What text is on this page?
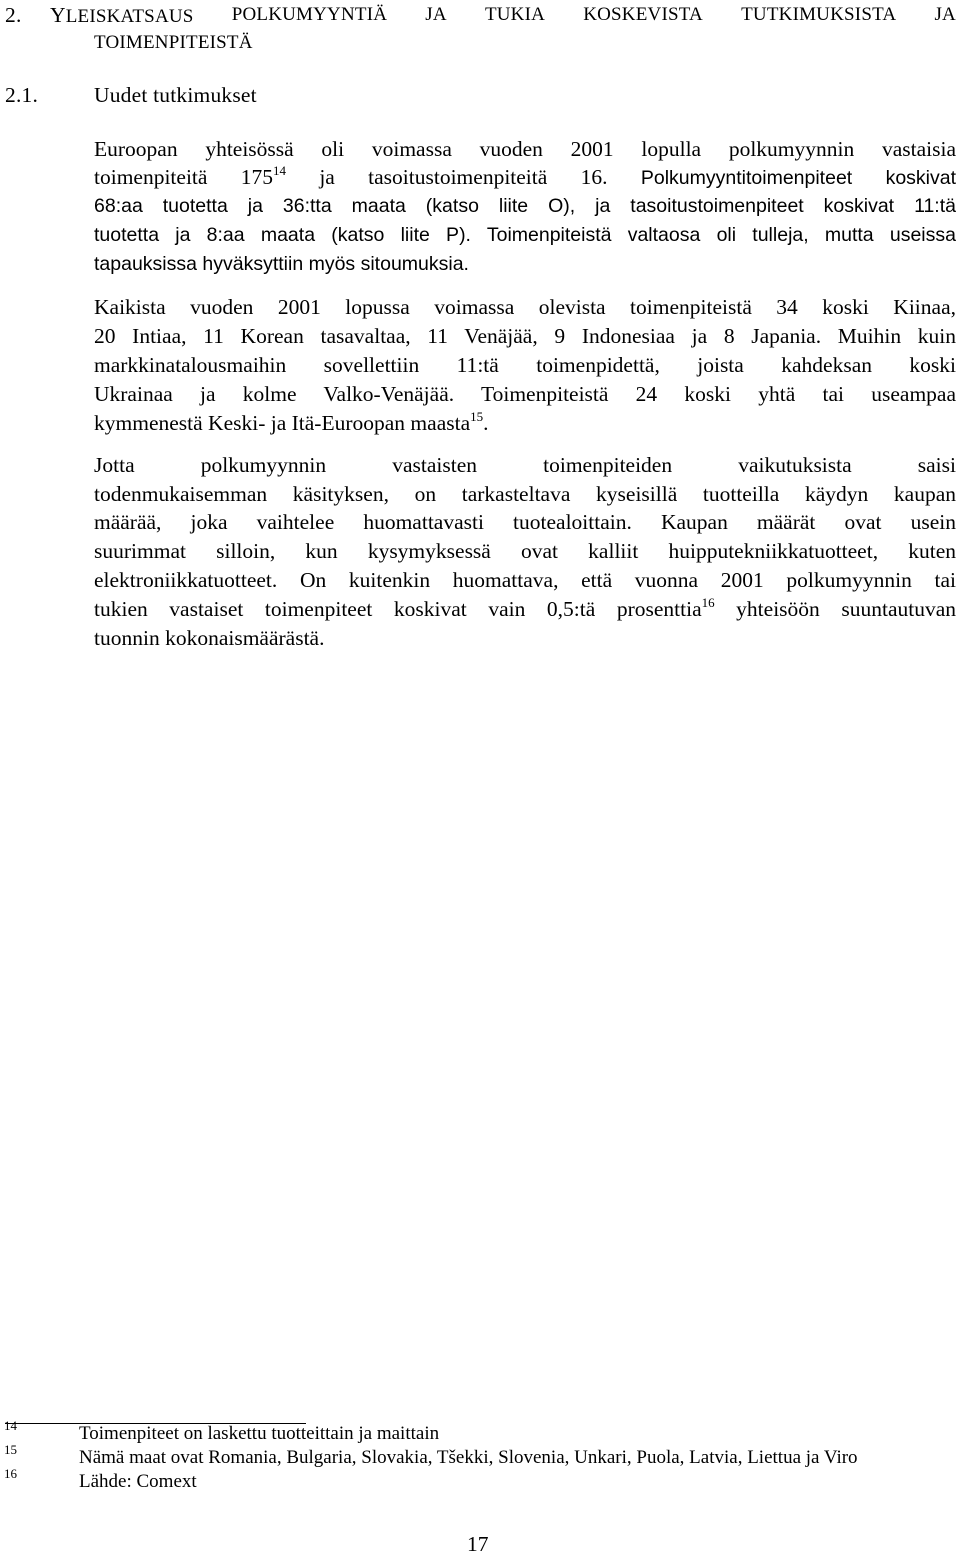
2. YLEISKATSAUS POLKUMYYNTIÄ JA TUKIA KOSKEVISTA TUTKIMUKSISTA JA
TOIMENPITEISTÄ
2.1.	Uudet tutkimukset
Euroopan yhteisössä oli voimassa vuoden 2001 lopulla polkumyynnin vastaisia
toimenpiteitä $175^{14}$ ja tasoitustoimenpiteitä 16. Polkumyyntitoimenpiteet koskivat
68:aa tuotetta ja 36:tta maata (katso liite O), ja tasoitustoimenpiteet koskivat 11:tä
tuotetta ja 8:aa maata (katso liite P). Toimenpiteistä valtaosa oli tulleja, mutta useissa
tapauksissa hyväksyttiin myös sitoumuksia.
Kaikista vuoden 2001 lopussa voimassa olevista toimenpiteistä 34 koski Kiinaa,
20 Intiaa, 11 Korean tasavaltaa, 11 Venäjää, 9 Indonesiaa ja 8 Japania. Muihin kuin
markkinatalousmaihin sovellettiin 11:tä toimenpidettä, joista kahdeksan koski
Ukrainaa ja kolme Valko-Venäjää. Toimenpiteistä 24 koski yhtä tai useampaa
kymmenestä Keski- ja Itä-Euroopan maasta$^{15}$.
Jotta polkumyynnin vastaisten toimenpiteiden vaikutuksista saisi
todenmukaisemman käsityksen, on tarkasteltava kyseisillä tuotteilla käydyn kaupan
määrää, joka vaihtelee huomattavasti tuotealoittain. Kaupan määrät ovat usein
suurimmat silloin, kun kysymyksessä ovat kalliit huipputekniikkatuotteet, kuten
elektroniikkatuotteet. On kuitenkin huomattava, että vuonna 2001 polkumyynnin tai
tukien vastaiset toimenpiteet koskivat vain 0,5:tä prosenttia$^{16}$ yhteisöön suuntautuvan
tuonnin kokonaismäärästä.
14	Toimenpiteet on laskettu tuotteittain ja maittain
15	Nämä maat ovat Romania, Bulgaria, Slovakia, Tšekki, Slovenia, Unkari, Puola, Latvia, Liettua ja Viro
16	Lähde: Comext
17
